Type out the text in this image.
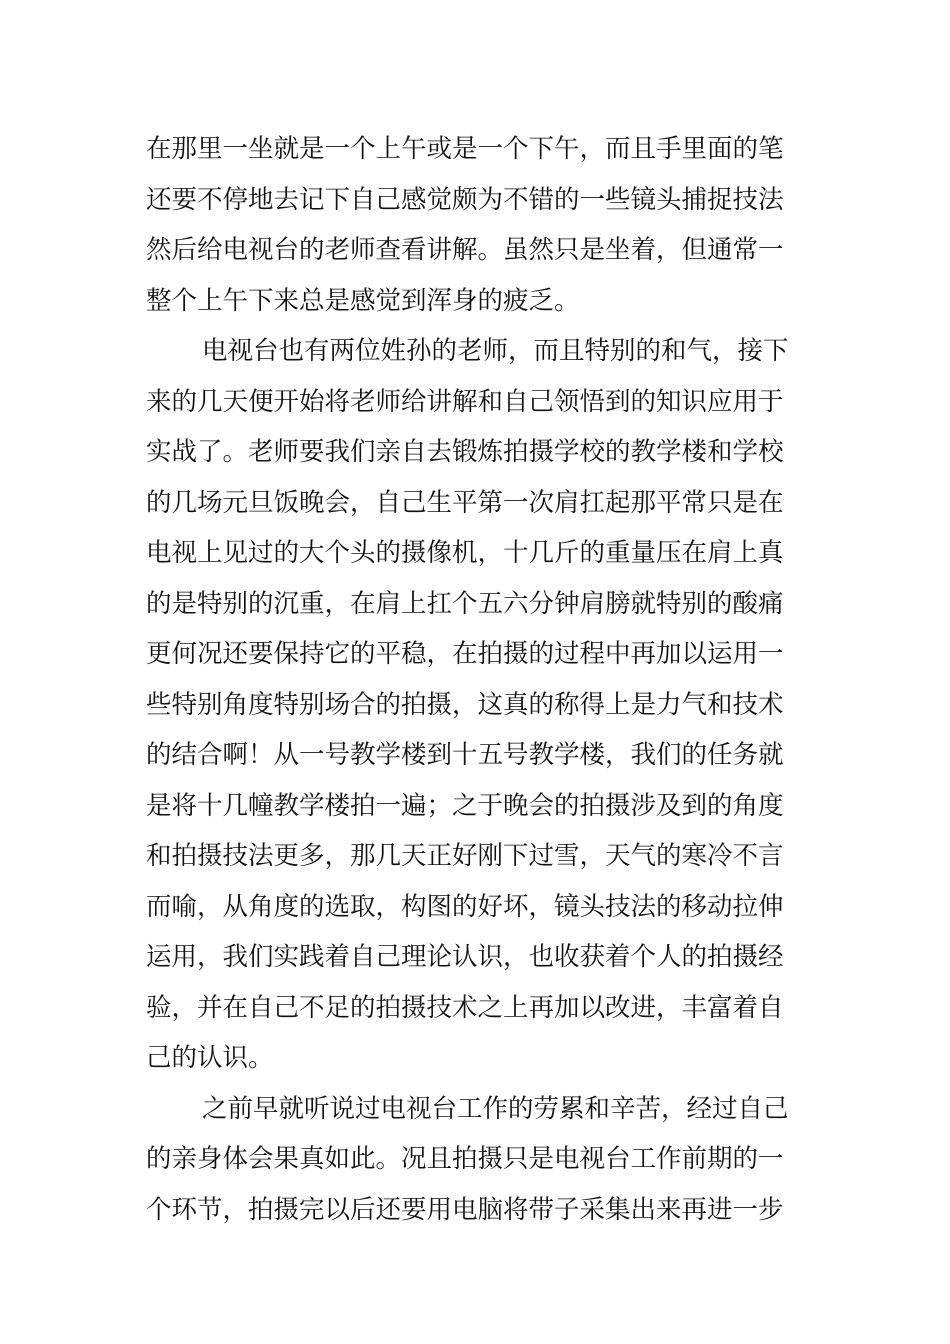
在那里一坐就是一个上午或是一个下午，而且手里面的笔
还要不停地去记下自己感觉颇为不错的一些镜头捕捉技法
然后给电视台的老师查看讲解。虽然只是坐着，但通常一
整个上午下来总是感觉到浑身的疲乏。
电视台也有两位姓孙的老师，而且特别的和气，接下
来的几天便开始将老师给讲解和自己领悟到的知识应用于
实战了。老师要我们亲自去锻炼拍摄学校的教学楼和学校
的几场元旦饭晚会，自己生平第一次肩扛起那平常只是在
电视上见过的大个头的摄像机，十几斤的重量压在肩上真
的是特别的沉重，在肩上扛个五六分钟肩膀就特别的酸痛
更何况还要保持它的平稳，在拍摄的过程中再加以运用一
些特别角度特别场合的拍摄，这真的称得上是力气和技术
的结合啊！从一号教学楼到十五号教学楼，我们的任务就
是将十几幢教学楼拍一遍；之于晚会的拍摄涉及到的角度
和拍摄技法更多，那几天正好刚下过雪，天气的寒冷不言
而喻，从角度的选取，构图的好坏，镜头技法的移动拉伸
运用，我们实践着自己理论认识，也收获着个人的拍摄经
验，并在自己不足的拍摄技术之上再加以改进，丰富着自
己的认识。
之前早就听说过电视台工作的劳累和辛苦，经过自己
的亲身体会果真如此。况且拍摄只是电视台工作前期的一
个环节，拍摄完以后还要用电脑将带子采集出来再进一步
